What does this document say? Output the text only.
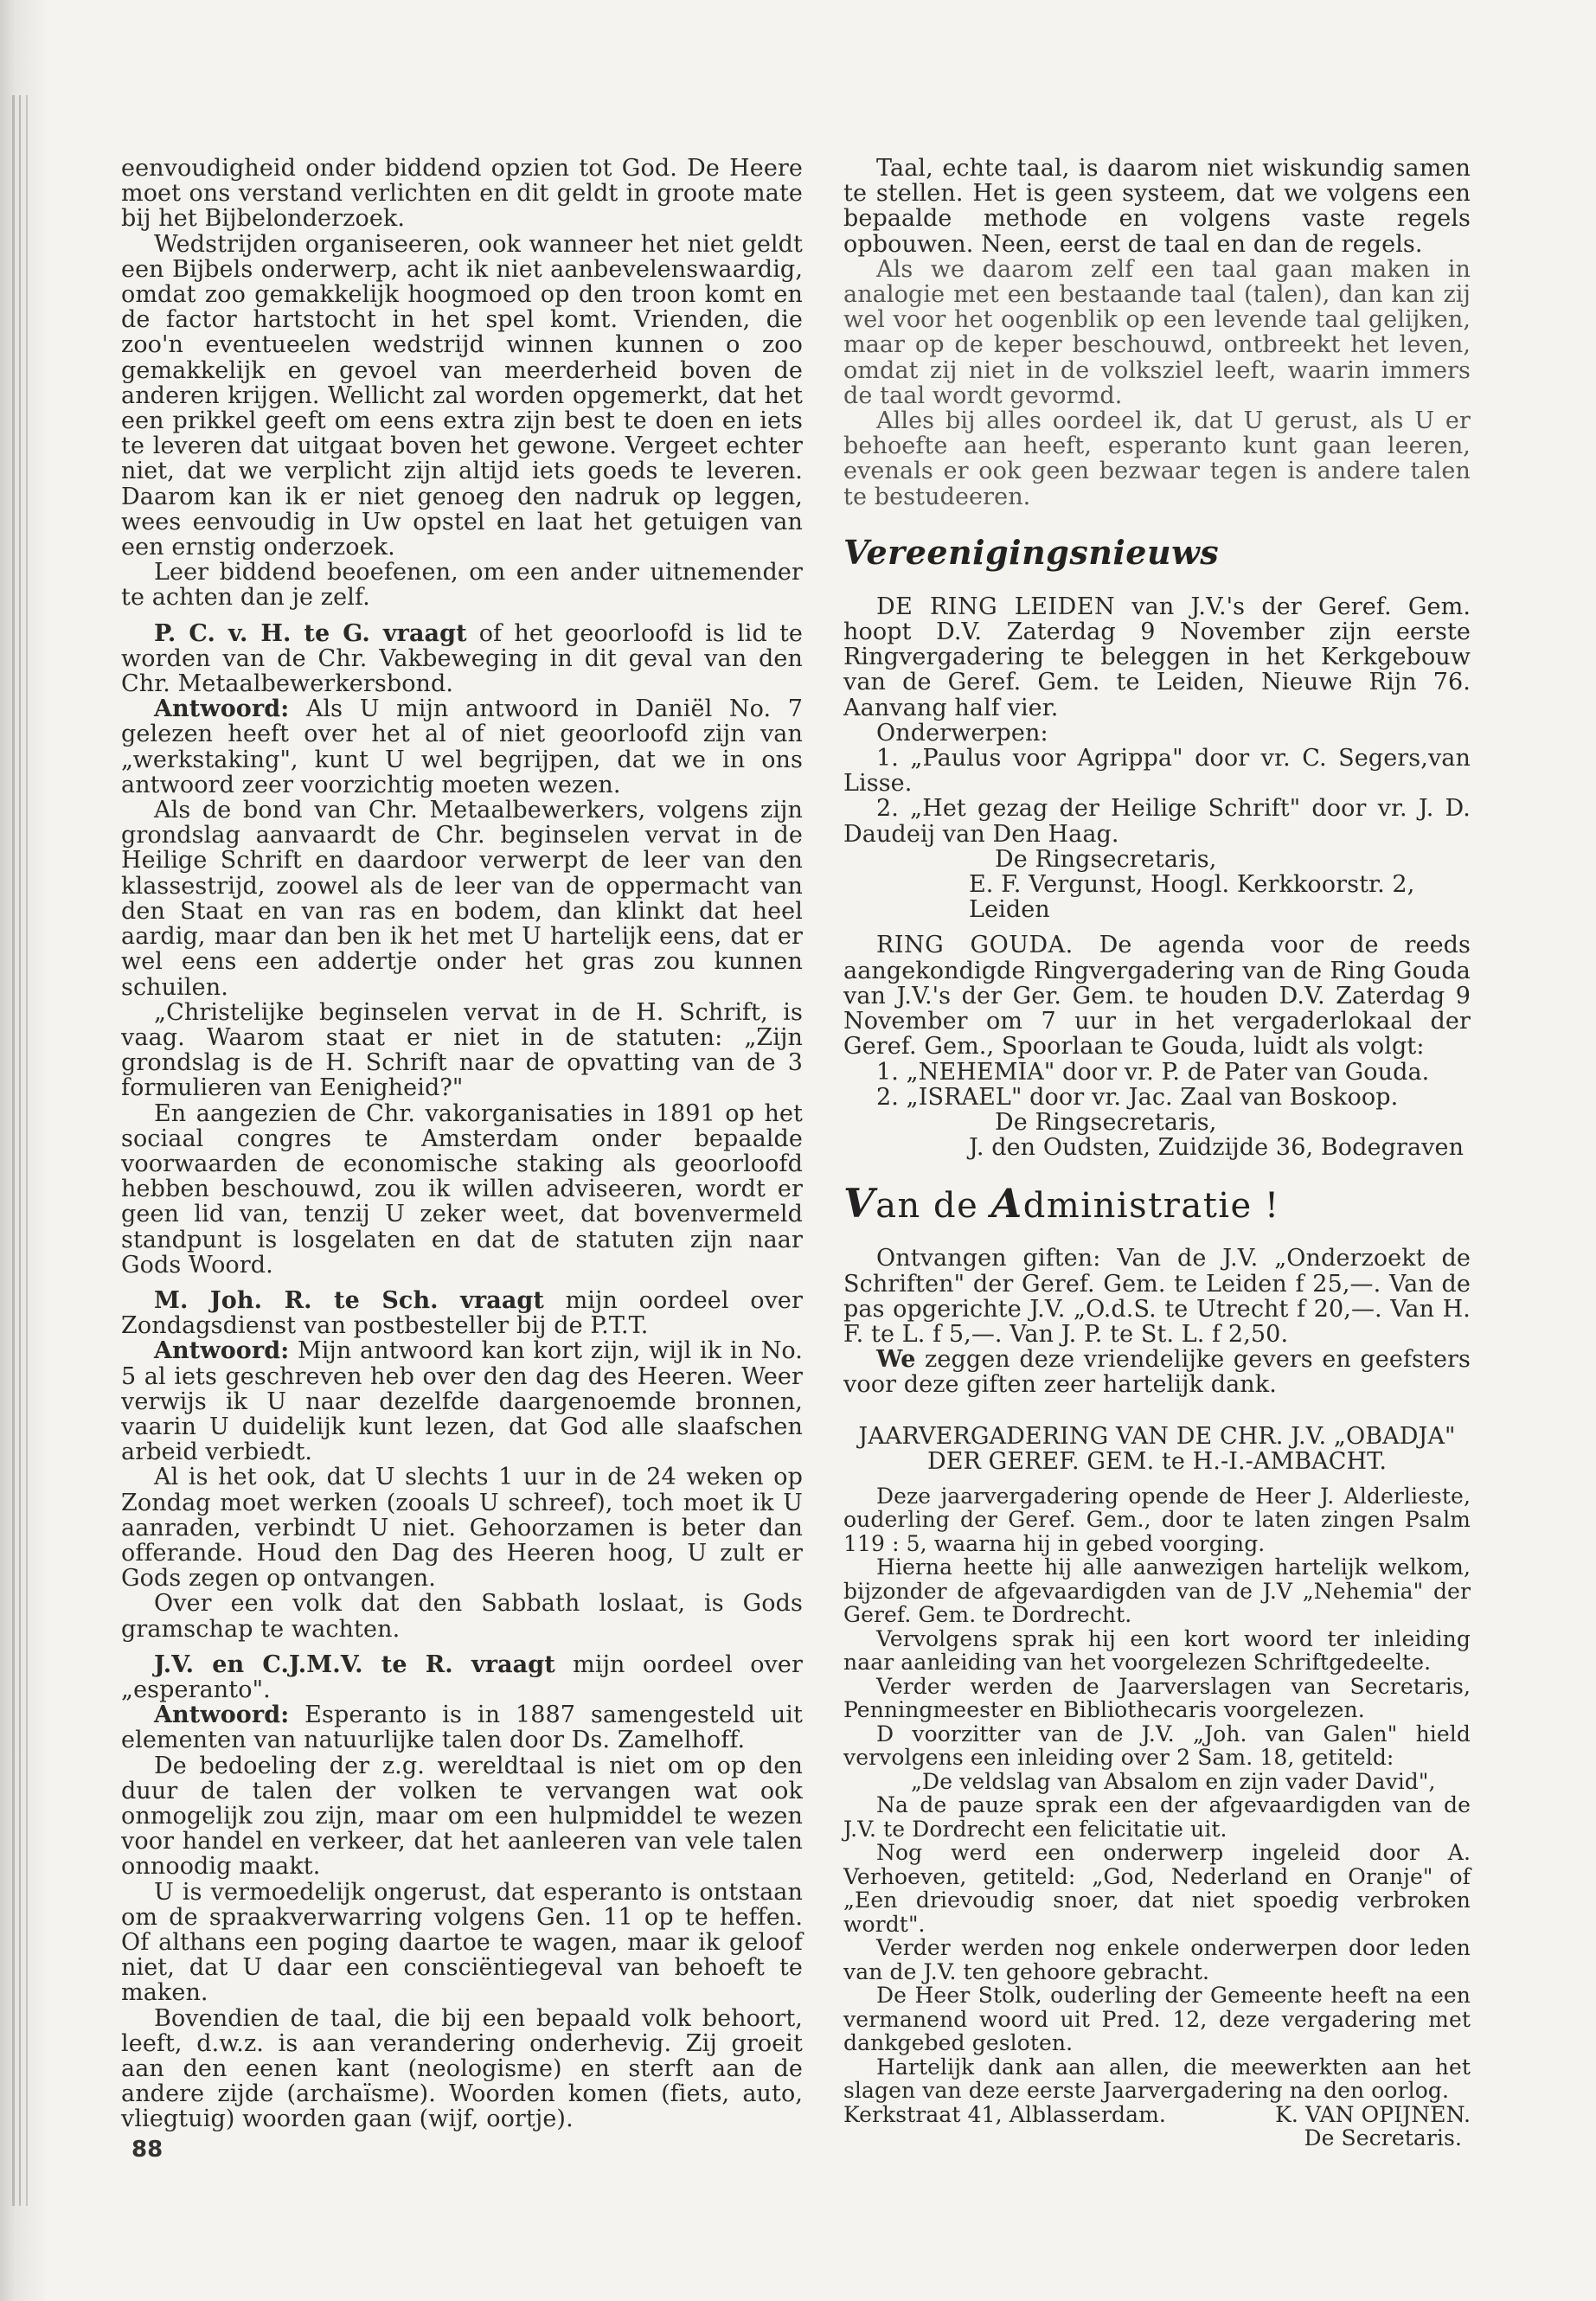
eenvoudigheid onder biddend opzien tot God. De Heere moet ons verstand verlichten en dit geldt in groote mate bij het Bijbelonderzoek.

Wedstrijden organiseeren, ook wanneer het niet geldt een Bijbels onderwerp, acht ik niet aanbevelenswaardig, omdat zoo gemakkelijk hoogmoed op den troon komt en de factor hartstocht in het spel komt. Vrienden, die zoo'n eventueelen wedstrijd winnen kunnen o zoo gemakkelijk en gevoel van meerderheid boven de anderen krijgen. Wellicht zal worden opgemerkt, dat het een prikkel geeft om eens extra zijn best te doen en iets te leveren dat uitgaat boven het gewone. Vergeet echter niet, dat we verplicht zijn altijd iets goeds te leveren. Daarom kan ik er niet genoeg den nadruk op leggen, wees eenvoudig in Uw opstel en laat het getuigen van een ernstig onderzoek.

Leer biddend beoefenen, om een ander uitnemender te achten dan je zelf.

P. C. v. H. te G. vraagt of het geoorloofd is lid te worden van de Chr. Vakbeweging in dit geval van den Chr. Metaalbewerkersbond.

Antwoord: Als U mijn antwoord in Daniël No. 7 gelezen heeft over het al of niet geoorloofd zijn van „werkstaking", kunt U wel begrijpen, dat we in ons antwoord zeer voorzichtig moeten wezen.

Als de bond van Chr. Metaalbewerkers, volgens zijn grondslag aanvaardt de Chr. beginselen vervat in de Heilige Schrift en daardoor verwerpt de leer van den klassestrijd, zoowel als de leer van de oppermacht van den Staat en van ras en bodem, dan klinkt dat heel aardig, maar dan ben ik het met U hartelijk eens, dat er wel eens een addertje onder het gras zou kunnen schuilen.

„Christelijke beginselen vervat in de H. Schrift, is vaag. Waarom staat er niet in de statuten: „Zijn grondslag is de H. Schrift naar de opvatting van de 3 formulieren van Eenigheid?"

En aangezien de Chr. vakorganisaties in 1891 op het sociaal congres te Amsterdam onder bepaalde voorwaarden de economische staking als geoorloofd hebben beschouwd, zou ik willen adviseeren, wordt er geen lid van, tenzij U zeker weet, dat bovenvermeld standpunt is losgelaten en dat de statuten zijn naar Gods Woord.

M. Joh. R. te Sch. vraagt mijn oordeel over Zondagsdienst van postbesteller bij de P.T.T.

Antwoord: Mijn antwoord kan kort zijn, wijl ik in No. 5 al iets geschreven heb over den dag des Heeren. Weer verwijs ik U naar dezelfde daargenoemde bronnen, vaarin U duidelijk kunt lezen, dat God alle slaafschen arbeid verbiedt.

Al is het ook, dat U slechts 1 uur in de 24 weken op Zondag moet werken (zooals U schreef), toch moet ik U aanraden, verbindt U niet. Gehoorzamen is beter dan offerande. Houd den Dag des Heeren hoog, U zult er Gods zegen op ontvangen.

Over een volk dat den Sabbath loslaat, is Gods gramschap te wachten.

J.V. en C.J.M.V. te R. vraagt mijn oordeel over „esperanto".

Antwoord: Esperanto is in 1887 samengesteld uit elementen van natuurlijke talen door Ds. Zamelhoff.

De bedoeling der z.g. wereldtaal is niet om op den duur de talen der volken te vervangen wat ook onmogelijk zou zijn, maar om een hulpmiddel te wezen voor handel en verkeer, dat het aanleeren van vele talen onnoodig maakt.

U is vermoedelijk ongerust, dat esperanto is ontstaan om de spraakverwarring volgens Gen. 11 op te heffen. Of althans een poging daartoe te wagen, maar ik geloof niet, dat U daar een consciëntiegeval van behoeft te maken.

Bovendien de taal, die bij een bepaald volk behoort, leeft, d.w.z. is aan verandering onderhevig. Zij groeit aan den eenen kant (neologisme) en sterft aan de andere zijde (archaïsme). Woorden komen (fiets, auto, vliegtuig) woorden gaan (wijf, oortje).

Taal, echte taal, is daarom niet wiskundig samen te stellen. Het is geen systeem, dat we volgens een bepaalde methode en volgens vaste regels opbouwen. Neen, eerst de taal en dan de regels.

Als we daarom zelf een taal gaan maken in analogie met een bestaande taal (talen), dan kan zij wel voor het oogenblik op een levende taal gelijken, maar op de keper beschouwd, ontbreekt het leven, omdat zij niet in de volksziel leeft, waarin immers de taal wordt gevormd.

Alles bij alles oordeel ik, dat U gerust, als U er behoefte aan heeft, esperanto kunt gaan leeren, evenals er ook geen bezwaar tegen is andere talen te bestudeeren.

Vereenigingsnieuws

DE RING LEIDEN van J.V.'s der Geref. Gem. hoopt D.V. Zaterdag 9 November zijn eerste Ringvergadering te beleggen in het Kerkgebouw van de Geref. Gem. te Leiden, Nieuwe Rijn 76. Aanvang half vier.

Onderwerpen:

1. „Paulus voor Agrippa" door vr. C. Segers,van Lisse.

2. „Het gezag der Heilige Schrift" door vr. J. D. Daudeij van Den Haag.

De Ringsecretaris,

E. F. Vergunst, Hoogl. Kerkkoorstr. 2, Leiden

RING GOUDA. De agenda voor de reeds aangekondigde Ringvergadering van de Ring Gouda van J.V.'s der Ger. Gem. te houden D.V. Zaterdag 9 November om 7 uur in het vergaderlokaal der Geref. Gem., Spoorlaan te Gouda, luidt als volgt:

1. „NEHEMIA" door vr. P. de Pater van Gouda.

2. „ISRAEL" door vr. Jac. Zaal van Boskoop.

De Ringsecretaris,

J. den Oudsten, Zuidzijde 36, Bodegraven

Van de Administratie !

Ontvangen giften: Van de J.V. „Onderzoekt de Schriften" der Geref. Gem. te Leiden f 25,—. Van de pas opgerichte J.V. „O.d.S. te Utrecht f 20,—. Van H. F. te L. f 5,—. Van J. P. te St. L. f 2,50.

We zeggen deze vriendelijke gevers en geefsters voor deze giften zeer hartelijk dank.

JAARVERGADERING VAN DE CHR. J.V. „OBADJA"

DER GEREF. GEM. te H.-I.-AMBACHT.

Deze jaarvergadering opende de Heer J. Alderlieste, ouderling der Geref. Gem., door te laten zingen Psalm 119 : 5, waarna hij in gebed voorging.

Hierna heette hij alle aanwezigen hartelijk welkom, bijzonder de afgevaardigden van de J.V „Nehemia" der Geref. Gem. te Dordrecht.

Vervolgens sprak hij een kort woord ter inleiding naar aanleiding van het voorgelezen Schriftgedeelte.

Verder werden de Jaarverslagen van Secretaris, Penningmeester en Bibliothecaris voorgelezen.

D voorzitter van de J.V. „Joh. van Galen" hield vervolgens een inleiding over 2 Sam. 18, getiteld:

„De veldslag van Absalom en zijn vader David",

Na de pauze sprak een der afgevaardigden van de J.V. te Dordrecht een felicitatie uit.

Nog werd een onderwerp ingeleid door A. Verhoeven, getiteld: „God, Nederland en Oranje" of „Een drievoudig snoer, dat niet spoedig verbroken wordt".

Verder werden nog enkele onderwerpen door leden van de J.V. ten gehoore gebracht.

De Heer Stolk, ouderling der Gemeente heeft na een vermanend woord uit Pred. 12, deze vergadering met dankgebed gesloten.

Hartelijk dank aan allen, die meewerkten aan het slagen van deze eerste Jaarvergadering na den oorlog.

Kerkstraat 41, Alblasserdam.	K. VAN OPIJNEN.

De Secretaris.

88
